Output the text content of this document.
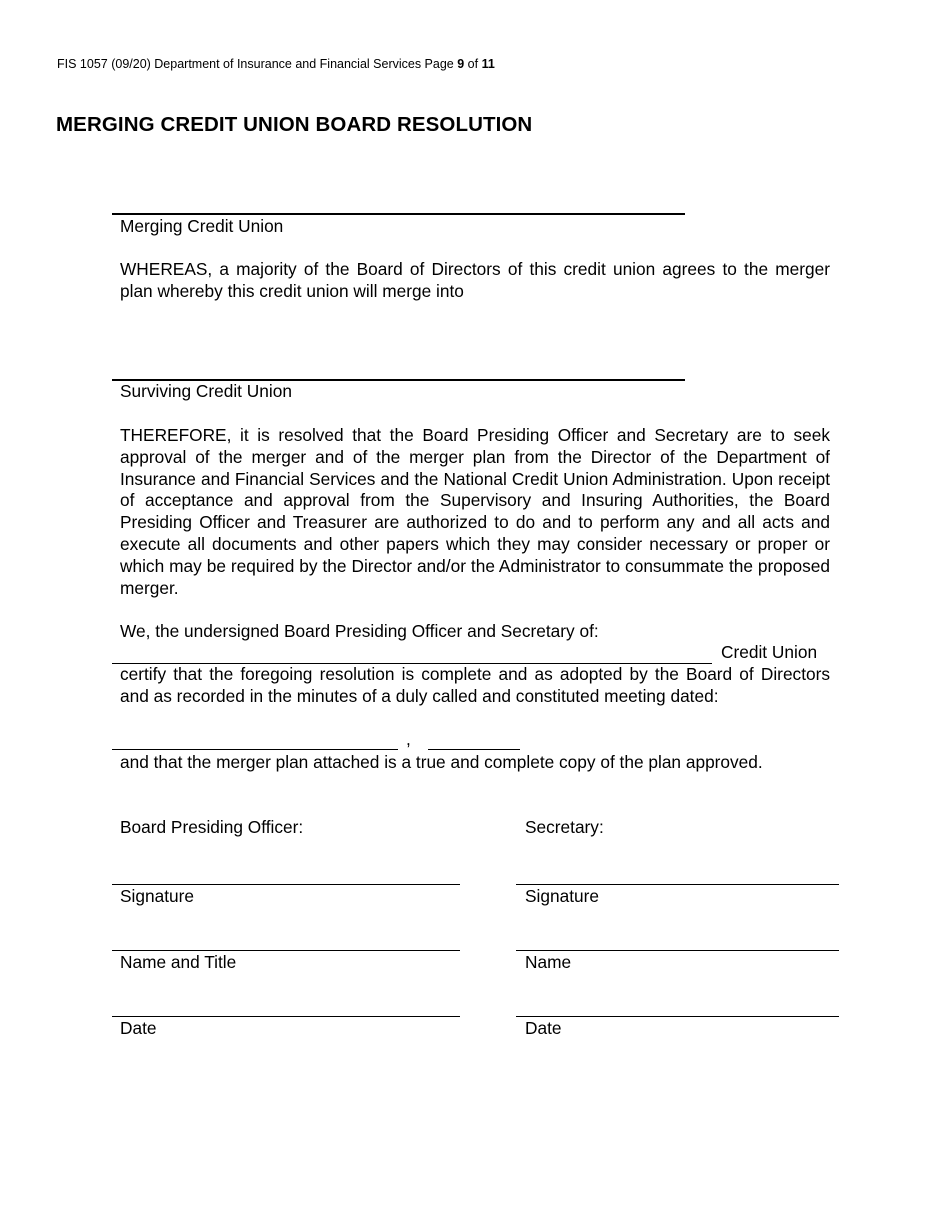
FIS 1057 (09/20) Department of Insurance and Financial Services Page 9 of 11
MERGING CREDIT UNION BOARD RESOLUTION
Merging Credit Union
WHEREAS, a majority of the Board of Directors of this credit union agrees to the merger plan whereby this credit union will merge into
Surviving Credit Union
THEREFORE, it is resolved that the Board Presiding Officer and Secretary are to seek approval of the merger and of the merger plan from the Director of the Department of Insurance and Financial Services and the National Credit Union Administration. Upon receipt of acceptance and approval from the Supervisory and Insuring Authorities, the Board Presiding Officer and Treasurer are authorized to do and to perform any and all acts and execute all documents and other papers which they may consider necessary or proper or which may be required by the Director and/or the Administrator to consummate the proposed merger.
We, the undersigned Board Presiding Officer and Secretary of:
Credit Union
certify that the foregoing resolution is complete and as adopted by the Board of Directors and as recorded in the minutes of a duly called and constituted meeting dated:
,
and that the merger plan attached is a true and complete copy of the plan approved.
Board Presiding Officer:
Signature
Name and Title
Date
Secretary:
Signature
Name
Date
